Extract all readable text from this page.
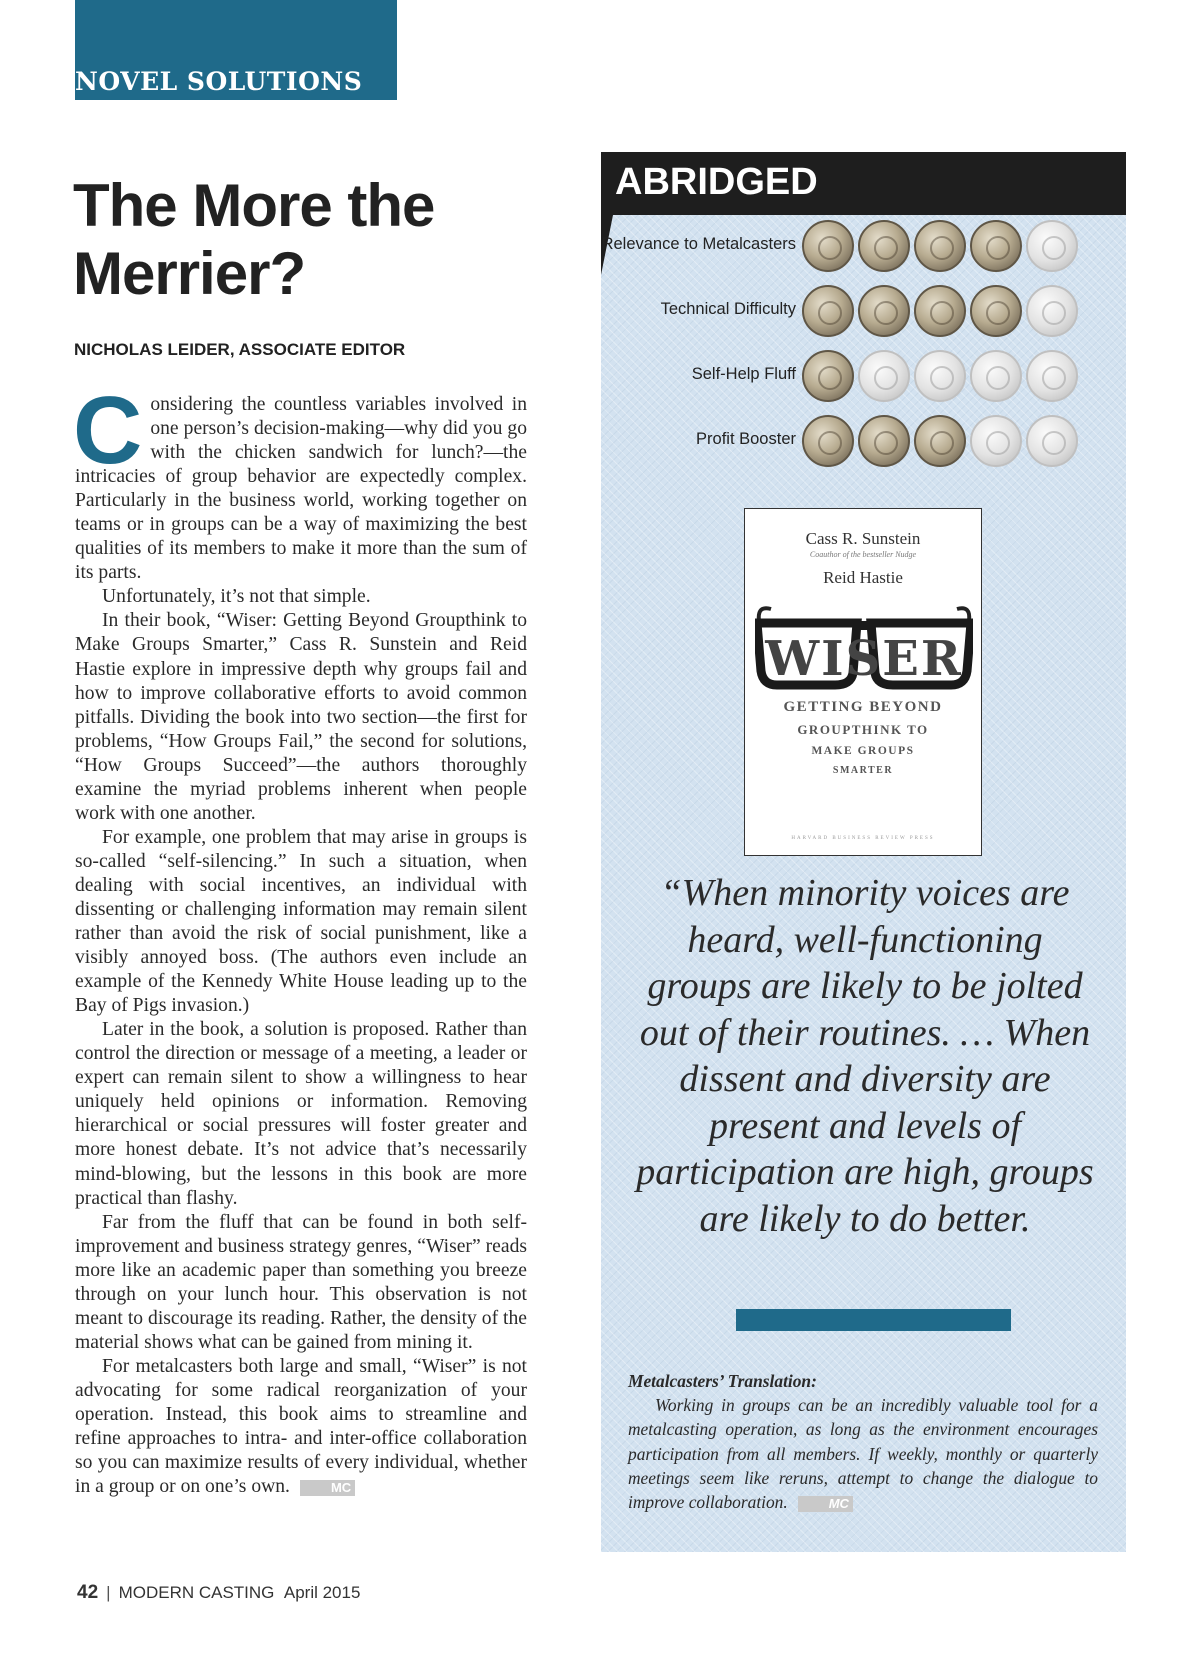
NOVEL SOLUTIONS
The More the Merrier?
NICHOLAS LEIDER, ASSOCIATE EDITOR

Considering the countless variables involved in one person’s decision-making—why did you go with the chicken sandwich for lunch?—the intricacies of group behavior are expectedly complex. Particularly in the business world, working together on teams or in groups can be a way of maximizing the best qualities of its members to make it more than the sum of its parts.

Unfortunately, it’s not that simple.

In their book, “Wiser: Getting Beyond Groupthink to Make Groups Smarter,” Cass R. Sunstein and Reid Hastie explore in impressive depth why groups fail and how to improve collaborative efforts to avoid common pitfalls. Dividing the book into two section—the first for problems, “How Groups Fail,” the second for solutions, “How Groups Succeed”—the authors thoroughly examine the myriad problems inherent when people work with one another.

For example, one problem that may arise in groups is so-called “self-silencing.” In such a situation, when dealing with social incentives, an individual with dissenting or challenging information may remain silent rather than avoid the risk of social punishment, like a visibly annoyed boss. (The authors even include an example of the Kennedy White House leading up to the Bay of Pigs invasion.)

Later in the book, a solution is proposed. Rather than control the direction or message of a meeting, a leader or expert can remain silent to show a willingness to hear uniquely held opinions or information. Removing hierarchical or social pressures will foster greater and more honest debate. It’s not advice that’s necessarily mind-blowing, but the lessons in this book are more practical than flashy.

Far from the fluff that can be found in both self-improvement and business strategy genres, “Wiser” reads more like an academic paper than something you breeze through on your lunch hour. This observation is not meant to discourage its reading. Rather, the density of the material shows what can be gained from mining it.

For metalcasters both large and small, “Wiser” is not advocating for some radical reorganization of your operation. Instead, this book aims to streamline and refine approaches to intra- and inter-office collaboration so you can maximize results of every individual, whether in a group or on one’s own.	MC

42 | MODERN CASTING April 2015
ABRIDGED
Relevance to Metalcasters
Technical Difficulty
Self-Help Fluff
Profit Booster
Cass R. Sunstein
Coauthor of the bestseller Nudge
Reid Hastie
WISER
GETTING BEYOND
GROUPTHINK TO
MAKE GROUPS
SMARTER
HARVARD BUSINESS REVIEW PRESS

“When minority voices are heard, well-functioning groups are likely to be jolted out of their routines. … When dissent and diversity are present and levels of participation are high, groups are likely to do better.

Metalcasters’ Translation:
Working in groups can be an incredibly valuable tool for a metalcasting operation, as long as the environment encourages participation from all members. If weekly, monthly or quarterly meetings seem like reruns, attempt to change the dialogue to improve collaboration.	MC
